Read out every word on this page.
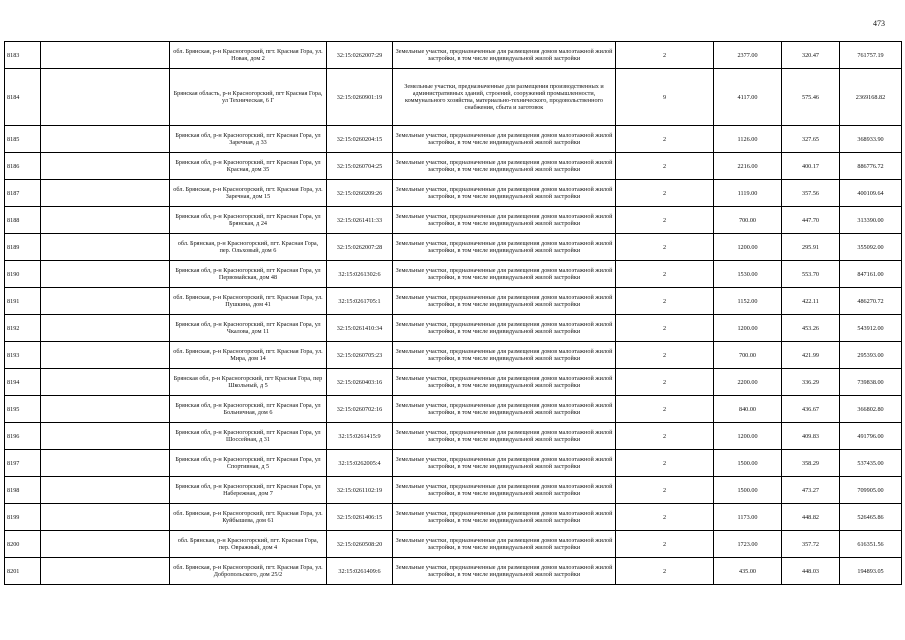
473
8183		обл. Брянская, р-н Красногорский, пгт. Красная Гора, ул. Новая, дом 2	32:15:0262007:29	Земельные участки, предназначенные для размещения домов малоэтажной жилой застройки, в том числе индивидуальной жилой застройки	2	2377.00	320.47	761757.19
8184		Брянская область, р-н Красногорский, пгт Красная Гора, ул Техническая, 6 Г	32:15:0260901:19	Земельные участки, предназначенные для размещения производственных и административных зданий, строений, сооружений промышленности, коммунального хозяйства, материально-технического, продовольственного снабжения, сбыта и заготовок	9	4117.00	575.46	2369168.82
8185		Брянская обл, р-н Красногорский, пгт Красная Гора, ул Заречная, д 33	32:15:0260204:15	Земельные участки, предназначенные для размещения домов малоэтажной жилой застройки, в том числе индивидуальной жилой застройки	2	1126.00	327.65	368933.90
8186		Брянская обл, р-н Красногорский, пгт Красная Гора, ул Красная, дом 35	32:15:0260704:25	Земельные участки, предназначенные для размещения домов малоэтажной жилой застройки, в том числе индивидуальной жилой застройки	2	2216.00	400.17	886776.72
8187		обл. Брянская, р-н Красногорский, пгт. Красная Гора, ул. Заречная, дом 15	32:15:0260209:26	Земельные участки, предназначенные для размещения домов малоэтажной жилой застройки, в том числе индивидуальной жилой застройки	2	1119.00	357.56	400109.64
8188		Брянская обл, р-н Красногорский, пгт Красная Гора, ул Брянская, д 24	32:15:0261411:33	Земельные участки, предназначенные для размещения домов малоэтажной жилой застройки, в том числе индивидуальной жилой застройки	2	700.00	447.70	313390.00
8189		обл. Брянская, р-н Красногорский, пгт. Красная Гора, пер. Ольховый, дом 6	32:15:0262007:28	Земельные участки, предназначенные для размещения домов малоэтажной жилой застройки, в том числе индивидуальной жилой застройки	2	1200.00	295.91	355092.00
8190		Брянская обл, р-н Красногорский, пгт Красная Гора, ул Первомайская, дом 48	32:15:0261302:6	Земельные участки, предназначенные для размещения домов малоэтажной жилой застройки, в том числе индивидуальной жилой застройки	2	1530.00	553.70	847161.00
8191		обл. Брянская, р-н Красногорский, пгт. Красная Гора, ул. Пушкина, дом 41	32:15:0261705:1	Земельные участки, предназначенные для размещения домов малоэтажной жилой застройки, в том числе индивидуальной жилой застройки	2	1152.00	422.11	486270.72
8192		Брянская обл, р-н Красногорский, пгт Красная Гора, ул Чкалова, дом 11	32:15:0261410:34	Земельные участки, предназначенные для размещения домов малоэтажной жилой застройки, в том числе индивидуальной жилой застройки	2	1200.00	453.26	543912.00
8193		обл. Брянская, р-н Красногорский, пгт. Красная Гора, ул. Мира, дом 14	32:15:0260705:23	Земельные участки, предназначенные для размещения домов малоэтажной жилой застройки, в том числе индивидуальной жилой застройки	2	700.00	421.99	295393.00
8194		Брянская обл, р-н Красногорский, пгт Красная Гора, пер Школьный, д 5	32:15:0260403:16	Земельные участки, предназначенные для размещения домов малоэтажной жилой застройки, в том числе индивидуальной жилой застройки	2	2200.00	336.29	739838.00
8195		Брянская обл, р-н Красногорский, пгт Красная Гора, ул Больничная, дом 6	32:15:0260702:16	Земельные участки, предназначенные для размещения домов малоэтажной жилой застройки, в том числе индивидуальной жилой застройки	2	840.00	436.67	366802.80
8196		Брянская обл, р-н Красногорский, пгт Красная Гора, ул Шоссейная, д 31	32:15:0261415:9	Земельные участки, предназначенные для размещения домов малоэтажной жилой застройки, в том числе индивидуальной жилой застройки	2	1200.00	409.83	491796.00
8197		Брянская обл, р-н Красногорский, пгт Красная Гора, ул Спортивная, д 5	32:15:0262005:4	Земельные участки, предназначенные для размещения домов малоэтажной жилой застройки, в том числе индивидуальной жилой застройки	2	1500.00	358.29	537435.00
8198		Брянская обл, р-н Красногорский, пгт Красная Гора, ул Набережная, дом 7	32:15:0261102:19	Земельные участки, предназначенные для размещения домов малоэтажной жилой застройки, в том числе индивидуальной жилой застройки	2	1500.00	473.27	709905.00
8199		обл. Брянская, р-н Красногорский, пгт. Красная Гора, ул. Куйбышева, дом 61	32:15:0261406:15	Земельные участки, предназначенные для размещения домов малоэтажной жилой застройки, в том числе индивидуальной жилой застройки	2	1173.00	448.82	526465.86
8200		обл. Брянская, р-н Красногорский, пгт. Красная Гора, пер. Овражный, дом 4	32:15:0260508:20	Земельные участки, предназначенные для размещения домов малоэтажной жилой застройки, в том числе индивидуальной жилой застройки	2	1723.00	357.72	616351.56
8201		обл. Брянская, р-н Красногорский, пгт. Красная Гора, ул. Добропольского, дом 25/2	32:15:0261409:6	Земельные участки, предназначенные для размещения домов малоэтажной жилой застройки, в том числе индивидуальной жилой застройки	2	435.00	448.03	194893.05
